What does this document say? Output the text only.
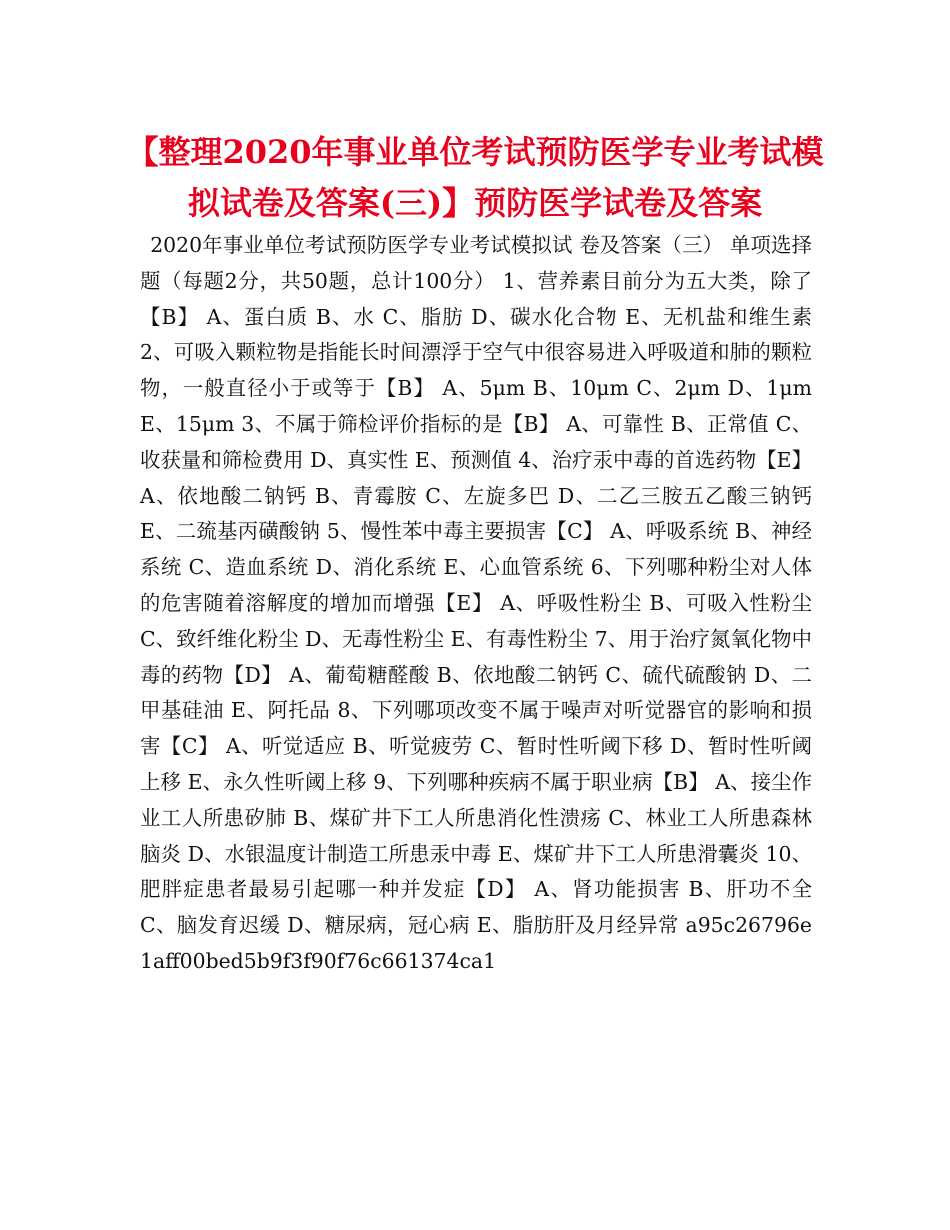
【整理2020年事业单位考试预防医学专业考试模拟试卷及答案(三)】预防医学试卷及答案

2020年事业单位考试预防医学专业考试模拟试 卷及答案（三） 单项选择题（每题2分，共50题，总计100分） 1、营养素目前分为五大类，除了【B】 A、蛋白质 B、水 C、脂肪 D、碳水化合物 E、无机盐和维生素 2、可吸入颗粒物是指能长时间漂浮于空气中很容易进入呼吸道和肺的颗粒物，一般直径小于或等于【B】 A、5μm B、10μm C、2μm D、1μm E、15μm 3、不属于筛检评价指标的是【B】 A、可靠性 B、正常值 C、收获量和筛检费用 D、真实性 E、预测值 4、治疗汞中毒的首选药物【E】 A、依地酸二钠钙 B、青霉胺 C、左旋多巴 D、二乙三胺五乙酸三钠钙 E、二巯基丙磺酸钠 5、慢性苯中毒主要损害【C】 A、呼吸系统 B、神经系统 C、造血系统 D、消化系统 E、心血管系统 6、下列哪种粉尘对人体的危害随着溶解度的增加而增强【E】 A、呼吸性粉尘 B、可吸入性粉尘 C、致纤维化粉尘 D、无毒性粉尘 E、有毒性粉尘 7、用于治疗氮氧化物中毒的药物【D】 A、葡萄糖醛酸 B、依地酸二钠钙 C、硫代硫酸钠 D、二甲基硅油 E、阿托品 8、下列哪项改变不属于噪声对听觉器官的影响和损害【C】 A、听觉适应 B、听觉疲劳 C、暂时性听阈下移 D、暂时性听阈上移 E、永久性听阈上移 9、下列哪种疾病不属于职业病【B】 A、接尘作业工人所患矽肺 B、煤矿井下工人所患消化性溃疡 C、林业工人所患森林脑炎 D、水银温度计制造工所患汞中毒 E、煤矿井下工人所患滑囊炎 10、肥胖症患者最易引起哪一种并发症【D】 A、肾功能损害 B、肝功不全 C、脑发育迟缓 D、糖尿病，冠心病 E、脂肪肝及月经异常 a95c26796e1aff00bed5b9f3f90f76c661374ca1
